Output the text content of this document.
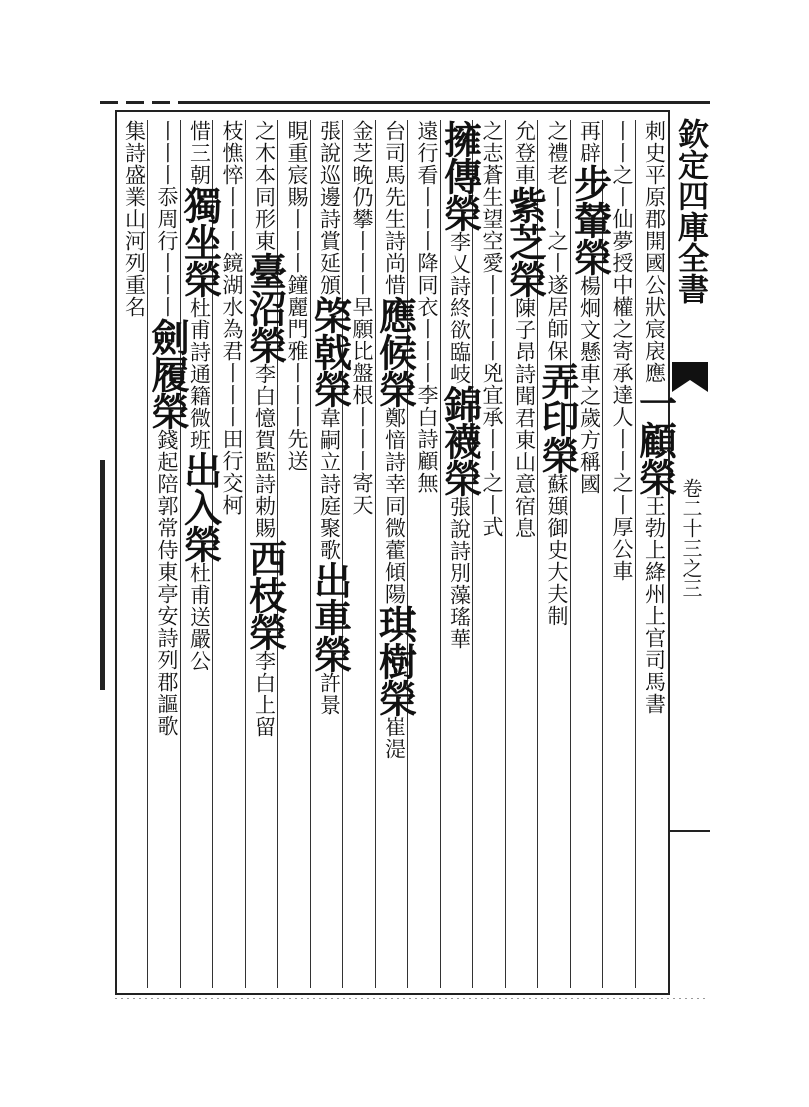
欽定四庫全書
卷二十三之三
刺史平原郡開國公狀宸扆應一顧榮王勃上絳州上官司馬書
丨丨之丨仙夢授中權之寄承達人丨丨之丨厚公車
再辟步輦榮楊炯文懸車之歲方稱國
之禮老丨丨之丨遂居師保弄印榮蘇頲御史大夫制
允登車紫芝榮陳子昂詩聞君東山意宿息
之志蒼生望空愛丨丨丨丨兇宜承丨丨之丨式
擁傳榮李乂詩終欲臨岐錦襪榮張說詩別藻瑤華
遠行看丨丨丨降同衣丨丨丨李白詩顧無
台司馬先生詩尚惜應候榮鄭愔詩幸同微藿傾陽琪樹榮崔湜
金芝晚仍攀丨丨丨早願比盤根丨丨丨寄天
張說巡邊詩賞延頒棨戟榮韋嗣立詩庭聚歌出車榮許景
睍重宸賜丨丨丨鐘麗門雅丨丨丨先送
之木本同形東臺沼榮李白憶賀監詩勅賜西枝榮李白上留
枝憔悴丨丨丨鏡湖水為君丨丨丨田行交柯
惜三朝獨坐榮杜甫詩通籍微班出入榮杜甫送嚴公
丨丨丨忝周行丨丨丨劍履榮錢起陪郭常侍東亭安詩列郡謳歌
集詩盛業山河列重名
